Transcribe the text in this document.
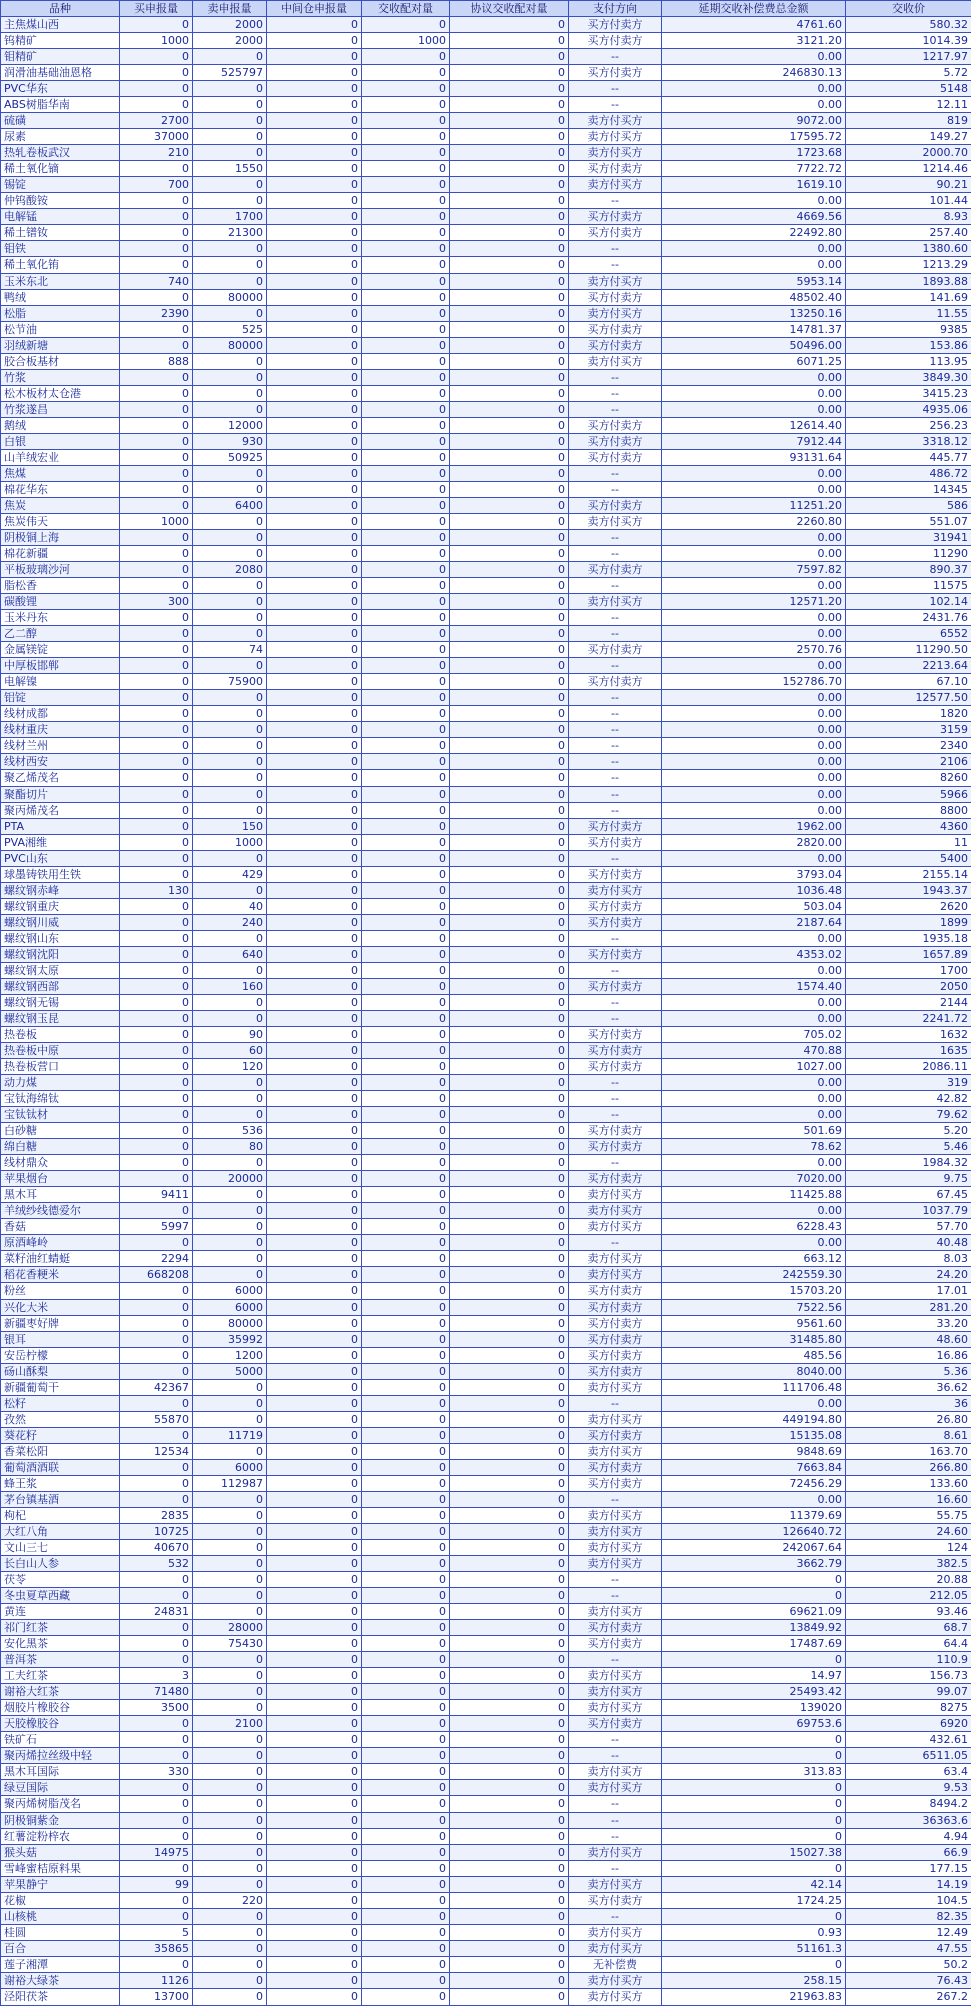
品种	买申报量	卖申报量	中间仓申报量	交收配对量	协议交收配对量	支付方向	延期交收补偿费总金额	交收价
主焦煤山西	0	2000	0	0	0	买方付卖方	4761.60	580.32
钨精矿	1000	2000	0	1000	0	买方付卖方	3121.20	1014.39
钼精矿	0	0	0	0	0	--	0.00	1217.97
润滑油基础油恩格	0	525797	0	0	0	买方付卖方	246830.13	5.72
PVC华东	0	0	0	0	0	--	0.00	5148
ABS树脂华南	0	0	0	0	0	--	0.00	12.11
硫磺	2700	0	0	0	0	卖方付买方	9072.00	819
尿素	37000	0	0	0	0	卖方付买方	17595.72	149.27
热轧卷板武汉	210	0	0	0	0	卖方付买方	1723.68	2000.70
稀土氧化镝	0	1550	0	0	0	买方付卖方	7722.72	1214.46
锡锭	700	0	0	0	0	卖方付买方	1619.10	90.21
仲钨酸铵	0	0	0	0	0	--	0.00	101.44
电解锰	0	1700	0	0	0	买方付卖方	4669.56	8.93
稀土镨钕	0	21300	0	0	0	买方付卖方	22492.80	257.40
钼铁	0	0	0	0	0	--	0.00	1380.60
稀土氧化铕	0	0	0	0	0	--	0.00	1213.29
玉米东北	740	0	0	0	0	卖方付买方	5953.14	1893.88
鸭绒	0	80000	0	0	0	买方付卖方	48502.40	141.69
松脂	2390	0	0	0	0	卖方付买方	13250.16	11.55
松节油	0	525	0	0	0	买方付卖方	14781.37	9385
羽绒新塘	0	80000	0	0	0	买方付卖方	50496.00	153.86
胶合板基材	888	0	0	0	0	卖方付买方	6071.25	113.95
竹浆	0	0	0	0	0	--	0.00	3849.30
松木板材太仓港	0	0	0	0	0	--	0.00	3415.23
竹浆遂昌	0	0	0	0	0	--	0.00	4935.06
鹅绒	0	12000	0	0	0	买方付卖方	12614.40	256.23
白银	0	930	0	0	0	买方付卖方	7912.44	3318.12
山羊绒宏业	0	50925	0	0	0	买方付卖方	93131.64	445.77
焦煤	0	0	0	0	0	--	0.00	486.72
棉花华东	0	0	0	0	0	--	0.00	14345
焦炭	0	6400	0	0	0	买方付卖方	11251.20	586
焦炭伟天	1000	0	0	0	0	卖方付买方	2260.80	551.07
阴极铜上海	0	0	0	0	0	--	0.00	31941
棉花新疆	0	0	0	0	0	--	0.00	11290
平板玻璃沙河	0	2080	0	0	0	买方付卖方	7597.82	890.37
脂松香	0	0	0	0	0	--	0.00	11575
碳酸锂	300	0	0	0	0	卖方付买方	12571.20	102.14
玉米丹东	0	0	0	0	0	--	0.00	2431.76
乙二醇	0	0	0	0	0	--	0.00	6552
金属镁锭	0	74	0	0	0	买方付卖方	2570.76	11290.50
中厚板邯郸	0	0	0	0	0	--	0.00	2213.64
电解镍	0	75900	0	0	0	买方付卖方	152786.70	67.10
铝锭	0	0	0	0	0	--	0.00	12577.50
线材成都	0	0	0	0	0	--	0.00	1820
线材重庆	0	0	0	0	0	--	0.00	3159
线材兰州	0	0	0	0	0	--	0.00	2340
线材西安	0	0	0	0	0	--	0.00	2106
聚乙烯茂名	0	0	0	0	0	--	0.00	8260
聚酯切片	0	0	0	0	0	--	0.00	5966
聚丙烯茂名	0	0	0	0	0	--	0.00	8800
PTA	0	150	0	0	0	买方付卖方	1962.00	4360
PVA湘维	0	1000	0	0	0	买方付卖方	2820.00	11
PVC山东	0	0	0	0	0	--	0.00	5400
球墨铸铁用生铁	0	429	0	0	0	买方付卖方	3793.04	2155.14
螺纹钢赤峰	130	0	0	0	0	卖方付买方	1036.48	1943.37
螺纹钢重庆	0	40	0	0	0	买方付卖方	503.04	2620
螺纹钢川威	0	240	0	0	0	买方付卖方	2187.64	1899
螺纹钢山东	0	0	0	0	0	--	0.00	1935.18
螺纹钢沈阳	0	640	0	0	0	买方付卖方	4353.02	1657.89
螺纹钢太原	0	0	0	0	0	--	0.00	1700
螺纹钢西部	0	160	0	0	0	买方付卖方	1574.40	2050
螺纹钢无锡	0	0	0	0	0	--	0.00	2144
螺纹钢玉昆	0	0	0	0	0	--	0.00	2241.72
热卷板	0	90	0	0	0	买方付卖方	705.02	1632
热卷板中原	0	60	0	0	0	买方付卖方	470.88	1635
热卷板营口	0	120	0	0	0	买方付卖方	1027.00	2086.11
动力煤	0	0	0	0	0	--	0.00	319
宝钛海绵钛	0	0	0	0	0	--	0.00	42.82
宝钛钛材	0	0	0	0	0	--	0.00	79.62
白砂糖	0	536	0	0	0	买方付卖方	501.69	5.20
绵白糖	0	80	0	0	0	买方付卖方	78.62	5.46
线材鼎众	0	0	0	0	0	--	0.00	1984.32
苹果烟台	0	20000	0	0	0	买方付卖方	7020.00	9.75
黑木耳	9411	0	0	0	0	卖方付买方	11425.88	67.45
羊绒纱线德爱尔	0	0	0	0	0	卖方付买方	0.00	1037.79
香菇	5997	0	0	0	0	卖方付买方	6228.43	57.70
原酒峰岭	0	0	0	0	0	--	0.00	40.48
菜籽油红蜻蜓	2294	0	0	0	0	卖方付买方	663.12	8.03
稻花香粳米	668208	0	0	0	0	卖方付买方	242559.30	24.20
粉丝	0	6000	0	0	0	买方付卖方	15703.20	17.01
兴化大米	0	6000	0	0	0	买方付卖方	7522.56	281.20
新疆枣好牌	0	80000	0	0	0	买方付卖方	9561.60	33.20
银耳	0	35992	0	0	0	买方付卖方	31485.80	48.60
安岳柠檬	0	1200	0	0	0	买方付卖方	485.56	16.86
砀山酥梨	0	5000	0	0	0	买方付卖方	8040.00	5.36
新疆葡萄干	42367	0	0	0	0	卖方付买方	111706.48	36.62
松籽	0	0	0	0	0	--	0.00	36
孜然	55870	0	0	0	0	卖方付买方	449194.80	26.80
葵花籽	0	11719	0	0	0	买方付卖方	15135.08	8.61
香菜松阳	12534	0	0	0	0	卖方付买方	9848.69	163.70
葡萄酒酒联	0	6000	0	0	0	买方付卖方	7663.84	266.80
蜂王浆	0	112987	0	0	0	买方付卖方	72456.29	133.60
茅台镇基酒	0	0	0	0	0	--	0.00	16.60
枸杞	2835	0	0	0	0	卖方付买方	11379.69	55.75
大红八角	10725	0	0	0	0	卖方付买方	126640.72	24.60
文山三七	40670	0	0	0	0	卖方付买方	242067.64	124
长白山人参	532	0	0	0	0	卖方付买方	3662.79	382.5
茯苓	0	0	0	0	0	--	0	20.88
冬虫夏草西藏	0	0	0	0	0	--	0	212.05
黄连	24831	0	0	0	0	卖方付买方	69621.09	93.46
祁门红茶	0	28000	0	0	0	买方付卖方	13849.92	68.7
安化黑茶	0	75430	0	0	0	买方付卖方	17487.69	64.4
普洱茶	0	0	0	0	0	--	0	110.9
工夫红茶	3	0	0	0	0	卖方付买方	14.97	156.73
谢裕大红茶	71480	0	0	0	0	卖方付买方	25493.42	99.07
烟胶片橡胶谷	3500	0	0	0	0	卖方付买方	139020	8275
天胶橡胶谷	0	2100	0	0	0	买方付卖方	69753.6	6920
铁矿石	0	0	0	0	0	--	0	432.61
聚丙烯拉丝级中轻	0	0	0	0	0	--	0	6511.05
黑木耳国际	330	0	0	0	0	卖方付买方	313.83	63.4
绿豆国际	0	0	0	0	0	卖方付买方	0	9.53
聚丙烯树脂茂名	0	0	0	0	0	--	0	8494.2
阴极铜紫金	0	0	0	0	0	--	0	36363.6
红薯淀粉梓农	0	0	0	0	0	--	0	4.94
猴头菇	14975	0	0	0	0	卖方付买方	15027.38	66.9
雪峰蜜桔原料果	0	0	0	0	0	--	0	177.15
苹果静宁	99	0	0	0	0	卖方付买方	42.14	14.19
花椒	0	220	0	0	0	买方付卖方	1724.25	104.5
山核桃	0	0	0	0	0	--	0	82.35
桂圆	5	0	0	0	0	卖方付买方	0.93	12.49
百合	35865	0	0	0	0	卖方付买方	51161.3	47.55
莲子湘潭	0	0	0	0	0	无补偿费	0	50.2
谢裕大绿茶	1126	0	0	0	0	卖方付买方	258.15	76.43
泾阳茯茶	13700	0	0	0	0	卖方付买方	21963.83	267.2
